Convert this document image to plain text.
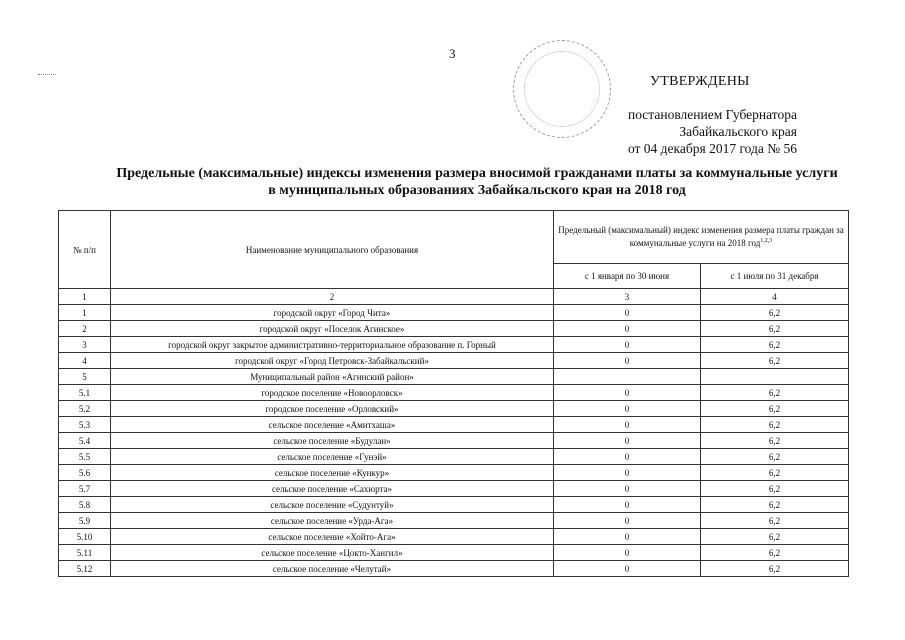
3
УТВЕРЖДЕНЫ
постановлением Губернатора
Забайкальского края
от 04 декабря 2017 года № 56
Предельные (максимальные) индексы изменения размера вносимой гражданами платы за коммунальные услуги в муниципальных образованиях Забайкальского края на 2018 год
№ п/п	Наименование муниципального образования	Предельный (максимальный) индекс изменения размера платы граждан за коммунальные услуги на 2018 год$^{1,2,3}$
		с 1 января по 30 июня	с 1 июля по 31 декабря
1	2	3	4
1	городской округ «Город Чита»	0	6,2
2	городской округ «Поселок Агинское»	0	6,2
3	городской округ закрытое административно-территориальное образование п. Горный	0	6,2
4	городской округ «Город Петровск-Забайкальский»	0	6,2
5	Муниципальный район «Агинский район»		
5.1	городское поселение «Новоорловск»	0	6,2
5.2	городское поселение «Орловский»	0	6,2
5.3	сельское поселение «Амитхаша»	0	6,2
5.4	сельское поселение «Будулан»	0	6,2
5.5	сельское поселение «Гунэй»	0	6,2
5.6	сельское поселение «Кункур»	0	6,2
5.7	сельское поселение «Сахюрта»	0	6,2
5.8	сельское поселение «Судунтуй»	0	6,2
5.9	сельское поселение «Урда-Ага»	0	6,2
5.10	сельское поселение «Хойто-Ага»	0	6,2
5.11	сельское поселение «Цокто-Хангил»	0	6,2
5.12	сельское поселение «Челутай»	0	6,2
